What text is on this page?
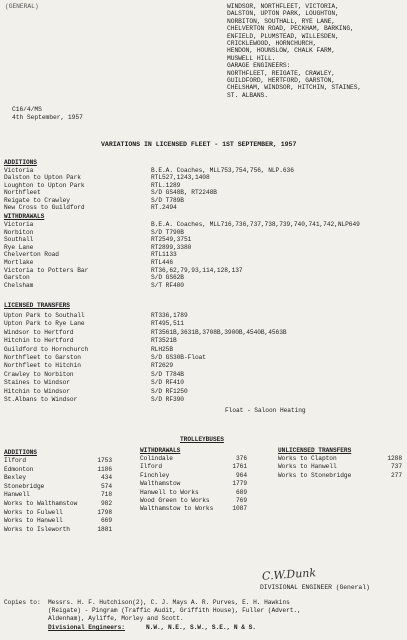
(GENERAL)	WINDSOR, NORTHFLEET, VICTORIA,
DALSTON, UPTON PARK, LOUGHTON,
NORBITON, SOUTHALL, RYE LANE,
CHELVERTON ROAD, PECKHAM, BARKING,
ENFIELD, PLUMSTEAD, WILLESDEN,
CRICKLEWOOD, HORNCHURCH,
HENDON, HOUNSLOW, CHALK FARM,
MUSWELL HILL.
GARAGE ENGINEERS:
NORTHFLEET, REIGATE, CRAWLEY,
GUILDFORD, HERTFORD, GARSTON,
CHELSHAM, WINDSOR, HITCHIN, STAINES,
ST. ALBANS.
C16/4/MS
4th September, 1957
VARIATIONS IN LICENSED FLEET - 1ST SEPTEMBER, 1957
ADDITIONS
Victoria	B.E.A. Coaches, MLL753,754,756, NLP.636
Dalston to Upton Park	RTL527,1243,1408
Loughton to Upton Park	RTL.1289
Northfleet	S/D GS48B, RT2248B
Reigate to Crawley	S/D T789B
New Cross to Guildford	RT.2494
WITHDRAWALS
Victoria	B.E.A. Coaches, MLL716,736,737,738,739,740,741,742,NLP649
Norbiton	S/D T790B
Southall	RT2549,3751
Rye Lane	RT2899,3380
Chelverton Road	RTL1133
Mortlake	RTL446
Victoria to Potters Bar	RT36,62,79,93,114,128,137
Garston	S/D GS62B
Chelsham	S/T RF400
LICENSED TRANSFERS
Upton Park to Southall	RT336,1789
Upton Park to Rye Lane	RT495,511
Windsor to Hertford	RT3561B,3631B,3708B,3900B,4540B,4563B
Hitchin to Hertford	RT3521B
Guildford to Hornchurch	RLH25B
Northfleet to Garston	S/D GS30B-Float
Northfleet to Hitchin	RT2629
Crawley to Norbiton	S/D T784B
Staines to Windsor	S/D RF410
Hitchin to Windsor	S/D RF1250
St.Albans to Windsor	S/D RF390
Float - Saloon Heating
TROLLEYBUSES
ADDITIONS
Ilford	1753
Edmonton	1186
Bexley	434
Stonebridge	574
Hanwell	718
Works to Walthamstow	982
Works to Fulwell	1798
Works to Hanwell	669
Works to Isleworth	1881
WITHDRAWALS
Colindale	376
Ilford	1761
Finchley	964
Walthamstow	1779
Hanwell to Works	689
Wood Green to Works	769
Walthamstow to Works	1087
UNLICENSED TRANSFERS
Works to Clapton	1288
Works to Hanwell	737
Works to Stonebridge	277
C.W.Dunk
DIVISIONAL ENGINEER (General)
Copies to: Messrs. H. F. Hutchison(2), C. J. Mays A. R. Purves, E. H. Hawkins
(Reigate) - Pingram (Traffic Audit, Griffith House), Fuller (Advert.,
Aldenham), Ayliffe, Morley and Scott.
Divisional Engineers:	N.W., N.E., S.W., S.E., N & S.
